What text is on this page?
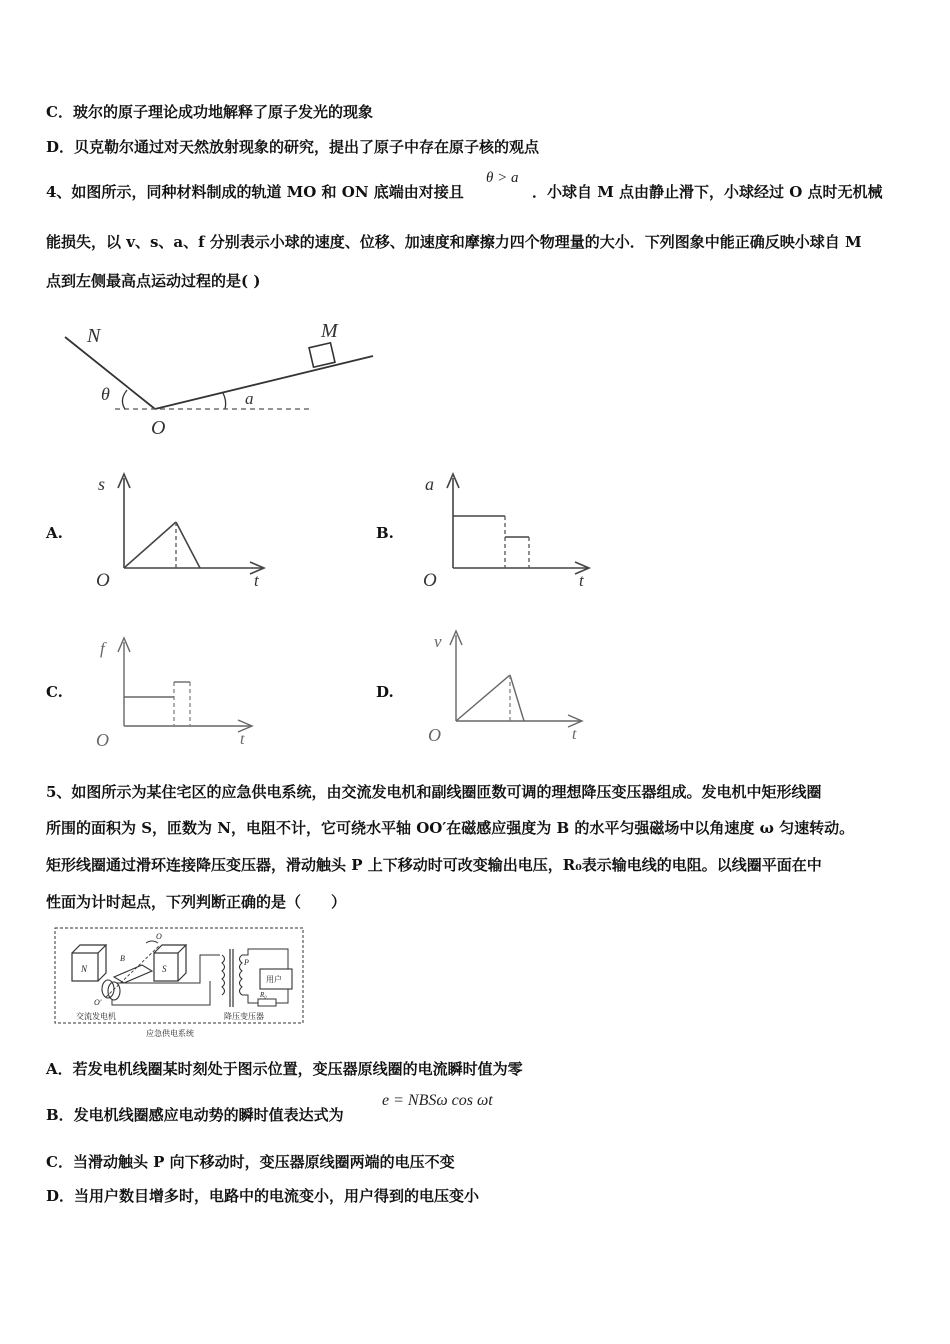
C．玻尔的原子理论成功地解释了原子发光的现象
D．贝克勒尔通过对天然放射现象的研究，提出了原子中存在原子核的观点
4、如图所示，同种材料制成的轨道 MO 和 ON 底端由对接且
θ > a
．小球自 M 点由静止滑下，小球经过 O 点时无机械
能损失，以 v、s、a、f 分别表示小球的速度、位移、加速度和摩擦力四个物理量的大小．下列图象中能正确反映小球自 M
点到左侧最高点运动过程的是( )
N	M
O
θ	a
A.
s
t
O
B.
a
t
O
C.
f
t
O
D.
v
t
O
5、如图所示为某住宅区的应急供电系统，由交流发电机和副线圈匝数可调的理想降压变压器组成。发电机中矩形线圈
所围的面积为 S，匝数为 N，电阻不计，它可绕水平轴 OO′在磁感应强度为 B 的水平匀强磁场中以角速度 ω 匀速转动。
矩形线圈通过滑环连接降压变压器，滑动触头 P 上下移动时可改变输出电压，R₀表示输电线的电阻。以线圈平面在中
性面为计时起点，下列判断正确的是（　　）
N	S
O
O′
B	P
用户
R₀
交流发电机	降压变压器
应急供电系统
A．若发电机线圈某时刻处于图示位置，变压器原线圈的电流瞬时值为零
B．发电机线圈感应电动势的瞬时值表达式为
e = NBSω cos ωt
C．当滑动触头 P 向下移动时，变压器原线圈两端的电压不变
D．当用户数目增多时，电路中的电流变小，用户得到的电压变小
